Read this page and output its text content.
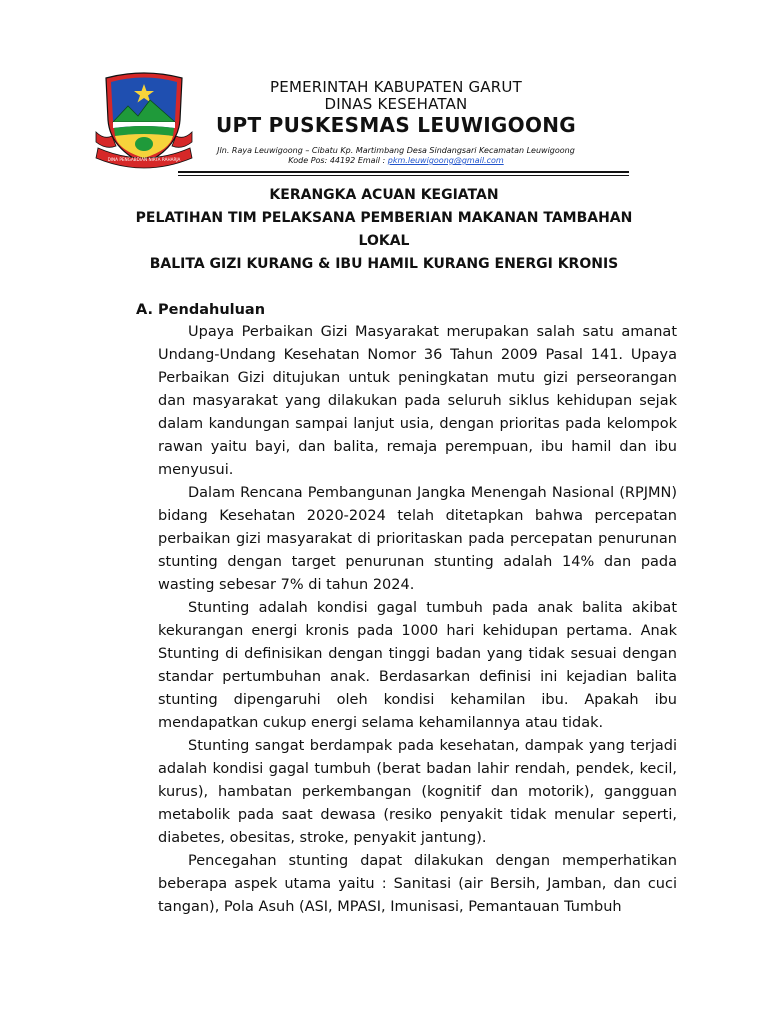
DINA PENGABDIAN NIRTA RAHARJA
PEMERINTAH KABUPATEN GARUT
DINAS KESEHATAN
UPT PUSKESMAS LEUWIGOONG
Jln. Raya Leuwigoong – Cibatu Kp. Martimbang Desa Sindangsari Kecamatan Leuwigoong
Kode Pos: 44192 Email : pkm.leuwigoong@gmail.com
KERANGKA ACUAN KEGIATAN
PELATIHAN TIM PELAKSANA PEMBERIAN MAKANAN TAMBAHAN
LOKAL
BALITA GIZI KURANG & IBU HAMIL KURANG ENERGI KRONIS
A. Pendahuluan

Upaya Perbaikan Gizi Masyarakat merupakan salah satu amanat Undang-Undang Kesehatan Nomor 36 Tahun 2009 Pasal 141. Upaya Perbaikan Gizi ditujukan untuk peningkatan mutu gizi perseorangan dan masyarakat yang dilakukan pada seluruh siklus kehidupan sejak dalam kandungan sampai lanjut usia, dengan prioritas pada kelompok rawan yaitu bayi, dan balita, remaja perempuan, ibu hamil dan ibu menyusui.

Dalam Rencana Pembangunan Jangka Menengah Nasional (RPJMN) bidang Kesehatan 2020-2024 telah ditetapkan bahwa percepatan perbaikan gizi masyarakat di prioritaskan pada percepatan penurunan stunting dengan target penurunan stunting adalah 14% dan pada wasting sebesar 7% di tahun 2024.

Stunting adalah kondisi gagal tumbuh pada anak balita akibat kekurangan energi kronis pada 1000 hari kehidupan pertama. Anak Stunting di definisikan dengan tinggi badan yang tidak sesuai dengan standar pertumbuhan anak. Berdasarkan definisi ini kejadian balita stunting dipengaruhi oleh kondisi kehamilan ibu. Apakah ibu mendapatkan cukup energi selama kehamilannya atau tidak.

Stunting sangat berdampak pada kesehatan, dampak yang terjadi adalah kondisi gagal tumbuh (berat badan lahir rendah, pendek, kecil, kurus), hambatan perkembangan (kognitif dan motorik), gangguan metabolik pada saat dewasa (resiko penyakit tidak menular seperti, diabetes, obesitas, stroke, penyakit jantung).

Pencegahan stunting dapat dilakukan dengan memperhatikan beberapa aspek utama yaitu : Sanitasi (air Bersih, Jamban, dan cuci tangan), Pola Asuh (ASI, MPASI, Imunisasi, Pemantauan Tumbuh
